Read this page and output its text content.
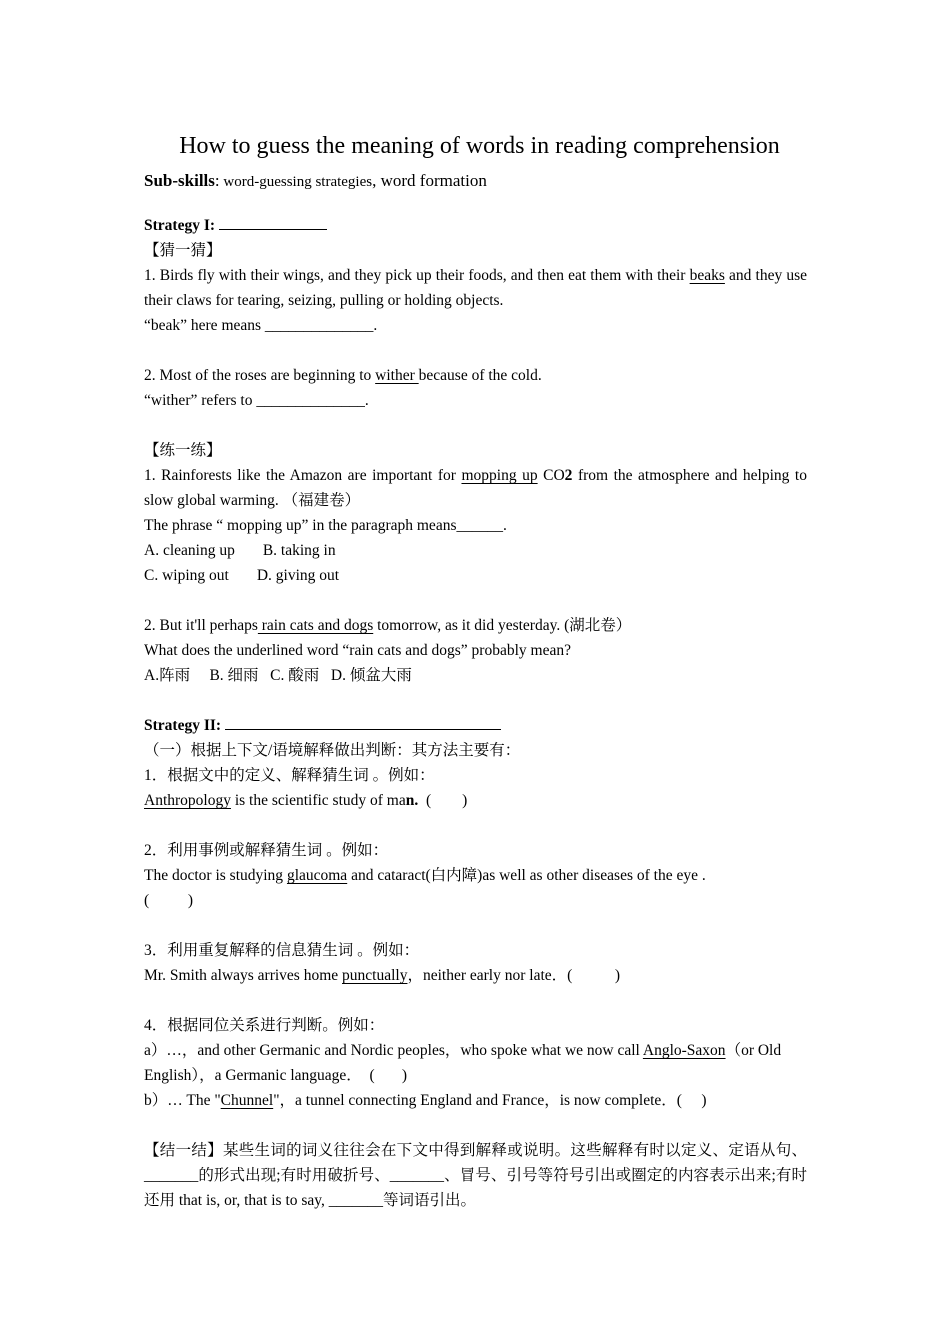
How to guess the meaning of words in reading comprehension
Sub-skills: word-guessing strategies, word formation

Strategy I:

【猜一猜】

1. Birds fly with their wings, and they pick up their foods, and then eat them with their beaks and they use their claws for tearing, seizing, pulling or holding objects.

“beak” here means ______________.

2. Most of the roses are beginning to wither because of the cold.

“wither” refers to ______________.

【练一练】

1. Rainforests like the Amazon are important for mopping up CO2 from the atmosphere and helping to slow global warming. （福建卷）

The phrase “ mopping up” in the paragraph means______.

A. cleaning up B. taking in

C. wiping out D. giving out

2. But it'll perhaps rain cats and dogs tomorrow, as it did yesterday. (湖北卷）

What does the underlined word “rain cats and dogs” probably mean?

A.阵雨     B. 细雨   C. 酸雨   D. 倾盆大雨

Strategy II:

（一）根据上下文/语境解释做出判断：其方法主要有：

1．根据文中的定义、解释猜生词 。例如：

Anthropology is the scientific study of man.  (        )

2．利用事例或解释猜生词 。例如：

The doctor is studying glaucoma and cataract(白内障)as well as other diseases of the eye .

(          )

3．利用重复解释的信息猜生词 。例如：

Mr. Smith always arrives home punctually，neither early nor late．(           )

4．根据同位关系进行判断。例如：

a）…，and other Germanic and Nordic peoples，who spoke what we now call Anglo-Saxon（or Old English），a Germanic language．  (       )

b）… The "Chunnel"，a tunnel connecting England and France，is now complete．(     )

【结一结】某些生词的词义往往会在下文中得到解释或说明。这些解释有时以定义、定语从句、_______的形式出现;有时用破折号、_______、冒号、引号等符号引出或圈定的内容表示出来;有时还用 that is, or, that is to say, _______等词语引出。
